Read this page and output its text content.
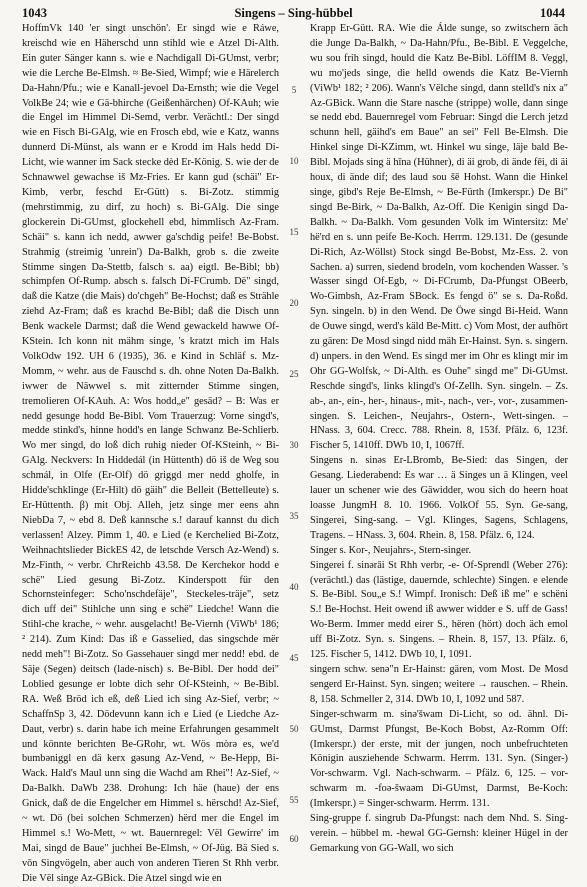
1043	Singens – Sing-hübbel	1044

HoffmVk 140 'er singt unschön'. Er singd wie e Ráwe, kreischd wie en Häherschd unn stihld wie e Atzel Di-Alth. Ein guter Sänger kann s. wie e Nachdigall Di-GUmst, verbr; wie die Lerche Be-Elmsh. ≈ Be-Sied, Wimpf; wie e Härelerch Da-Hahn/Pfu.; wie e Kanall-jevoel Da-Ernsth; wie die Vegel VolkBe 24; wie e Gä-bhirche (Geißenhärchen) Of-KAuh; wie die Engel im Himmel Di-Semd, verbr. Verächtl.: Der singd wie en Fisch Bi-GAlg, wie en Frosch ebd, wie e Katz, wanns dunnerd Di-Münst, als wann er e Krodd im Hals hedd Di-Licht, wie wanner im Sack stecke dèd Er-König. S. wie der de Schnawwel gewachse iš Mz-Fries. Er kann gud (schäi" Er-Kimb, verbr, feschd Er-Gütt) s. Bi-Zotz. stimmig (mehrstimmig, zu dirf, zu hoch) s. Bi-GAlg. Die singe glockerein Di-GUmst, glockehell ebd, himmlisch Az-Fram. Schäi" s. kann ich nedd, awwer ga'schdig peife! Be-Bobst. Strahmig (streimig 'unrein') Da-Balkh, grob s. die zweite Stimme singen Da-Stettb, falsch s. aa) eigtl. Be-Bibl; bb) schimpfen Of-Rump. absch s. falsch Di-FCrumb. Dë" singd, daß die Katze (die Mais) do'chgeh" Be-Hochst; daß es Strähle ziehd Az-Fram; daß es krachd Be-Bibl; daß die Disch unn Benk wackele Darmst; daß die Wend gewackeld hawwe Of-KStein. Ich konn nit mähm singe, 's kratzt mich im Hals VolkOdw 192. UH 6 (1935), 36. e Kind in Schläf s. Mz-Momm, ~ wehr. aus de Fauschd s. dh. ohne Noten Da-Balkh. iwwer de Näwwel s. mit zitternder Stimme singen, tremolieren Of-KAuh. A: Wos hodd„e" gesäd? – B: Was er nedd gesunge hodd Be-Bibl. Vom Trauerzug: Vorne singd's, medde stinkd's, hinne hodd's en lange Schwanz Be-Schlierb. Wo mer singd, do loß dich ruhig nieder Of-KSteinh, ~ Bi-GAlg. Neckvers: In Hiddedál (in Hüttenth) dö iš de Weg sou schmál, in Olfe (Er-Olf) dö griggd mer nedd gholfe, in Hidde'schklinge (Er-Hilt) dö gäih" die Belleit (Bettelleute) s. Er-Hüttenth. β) mit Obj. Alleh, jetz singe mer eens ahn NiebDa 7, ~ ebd 8. Deß kannsche s.! darauf kannst du dich verlassen! Alzey. Pimm 1, 40. e Lied (e Kerchelied Bi-Zotz, Weihnachtslieder BickES 42, de letschde Versch Az-Wend) s. Mz-Finth, ~ verbr. ChrReichb 43.58. De Kerchekor hodd e schë" Lied gesung Bi-Zotz. Kinderspott für den Schornsteinfeger: Scho'nschdefäje", Steckeles-träje", setz dich uff dei" Stihlche unn sing e schë" Liedche! Wann die Stihl-che krache, ~ wehr. ausgelacht! Be-Viernh (ViWb¹ 186; ² 214). Zum Kind: Das iß e Gasselied, das singschde mër nedd meh"! Bi-Zotz. So Gassehauer singd mer nedd! ebd. de Säje (Segen) deitsch (lade-nisch) s. Be-Bibl. Der hodd dei" Loblied gesunge er lobte dich sehr Of-KSteinh, ~ Be-Bibl. RA. Weß Bröd ich eß, deß Lied ich sing Az-Sief, verbr; ~ SchaffnSp 3, 42. Dödevunn kann ich e Lied (e Liedche Az-Daut, verbr) s. darin habe ich meine Erfahrungen gesammelt und könnte berichten Be-GRohr, wt. Wös mòrə es, we'd bumbəniggl en dä kerx gəsung Az-Vend, ~ Be-Hepp, Bi-Wack. Hald's Maul unn sing die Wachd am Rhei"! Az-Sief, ~ Da-Balkh. DaWb 238. Drohung: Ich häe (haue) der ens Gnick, daß de die Engelcher em Himmel s. hërschd! Az-Sief, ~ wt. Dö (bei solchen Schmerzen) hërd mer die Engel im Himmel s.! Wo-Mett, ~ wt. Bauernregel: Vël Gewirre' im Mai, singd de Baue" juchhei Be-Elmsh, ~ Of-Jüg. Bä Sied s. vōn Singvögeln, aber auch von anderen Tieren St Rhh verbr. Die Vël singe Az-GBick. Die Atzel singd wie en

5
10
15
20
25
30
35
40
45
50
55
60

Krapp Er-Gütt. RA. Wie die Álde sunge, so zwitschern äch die Junge Da-Balkh, ~ Da-Hahn/Pfu., Be-Bibl. E Veggelche, wu sou frih singd, hould die Katz Be-Bibl. LöffIM 8. Veggl, wu mo'jeds singe, die helld owends die Katz Be-Viernh (ViWb¹ 182; ² 206). Wann's Vëlche singd, dann stelld's nix a" Az-GBick. Wann die Stare nasche (strippe) wolle, dann singe se nedd ebd. Bauernregel vom Februar: Singd die Lerch jetzd schunn hell, gäihd's em Baue" an sei" Fell Be-Elmsh. Die Hinkel singe Di-KZimm, wt. Hinkel wu singe, läje bald Be-Bibl. Mojads sing ä hīna (Hühner), di äi grob, di ände fēi, di äi houx, di ände dif; des laud sou šē Hohst. Wann die Hinkel singe, gibd's Reje Be-Elmsh, ~ Be-Fürth (Imkerspr.) De Bi" singd Be-Birk, ~ Da-Balkh, Az-Off. Die Kenigin singd Da-Balkh. ~ Da-Balkh. Vom gesunden Volk im Wintersitz: Me' hë'rd en s. unn peife Be-Koch. Herrm. 129.131. De (gesunde Di-Rich, Az-Wöllst) Stock singd Be-Bobst, Mz-Ess. 2. von Sachen. a) surren, siedend brodeln, vom kochenden Wasser. 's Wasser singd Of-Egb, ~ Di-FCrumb, Da-Pfungst OBeerb, Wo-Gimbsh, Az-Fram SBock. Es fengd ö" se s. Da-Roßd. Syn. singeln. b) in den Wend. De Öwe singd Bi-Heid. Wann de Ouwe singd, werd's käld Be-Mitt. c) Vom Most, der aufhört zu gären: De Mosd singd nidd mäh Er-Hainst. Syn. s. singern. d) unpers. in den Wend. Es singd mer im Ohr es klingt mir im Ohr GG-Wolfsk, ~ Di-Alth. es Ouhe" singd me" Di-GUmst. Reschde singd's, links klingd's Of-Zellh. Syn. singeln. – Zs. ab-, an-, ein-, her-, hinaus-, mit-, nach-, ver-, vor-, zusammen-singen. S. Leichen-, Neujahrs-, Ostern-, Wett-singen. – HNass. 3, 604. Crecc. 788. Rhein. 8, 153f. Pfälz. 6, 123f. Fischer 5, 1410ff. DWb 10, I, 1067ff.

Singens n. sinəs Er-LBromb, Be-Sied: das Singen, der Gesang. Liederabend: Es war … ä Singes un ä Klingen, veel lauer un schener wie des Gäwidder, wou sich do heern hoat loasse JungmH 8. 10. 1966. VolkOf 55. Syn. Ge-sang, Singerei, Sing-sang. – Vgl. Klinges, Sagens, Schlagens, Tragens. – HNass. 3, 604. Rhein. 8, 158. Pfälz. 6, 124.

Singer s. Kor-, Neujahrs-, Stern-singer.

Singerei f. sinərāi St Rhh verbr, -e- Of-Sprendl (Weber 276): (verächtl.) das (lästige, dauernde, schlechte) Singen. e elende S. Be-Bibl. Sou„e S.! Wimpf. Ironisch: Deß iß me" e schëni S.! Be-Hochst. Heit owend iß awwer widder e S. uff de Gass! Wo-Berm. Immer medd eirer S., hëren (hört) doch äch emol uff Bi-Zotz. Syn. s. Singens. – Rhein. 8, 157, 13. Pfälz. 6, 125. Fischer 5, 1412. DWb 10, I, 1091.

singern schw. senə"n Er-Hainst: gären, vom Most. De Mosd sengerd Er-Hainst. Syn. singen; weitere → rauschen. – Rhein. 8, 158. Schmeller 2, 314. DWb 10, I, 1092 und 587.

Singer-schwarm m. sinə'šwam Di-Licht, so od. ähnl. Di-GUmst, Darmst Pfungst, Be-Koch Bobst, Az-Romm Off: (Imkerspr.) der erste, mit der jungen, noch unbefruchteten Königin ausziehende Schwarm. Herrm. 131. Syn. (Singer-) Vor-schwarm. Vgl. Nach-schwarm. – Pfälz. 6, 125. – vor-schwarm m. -foə-šwaəm Di-GUmst, Darmst, Be-Koch: (Imkerspr.) = Singer-schwarm. Herrm. 131.

Sing-gruppe f. singrub Da-Pfungst: nach dem Nhd. S. Sing-verein. – hübbel m. -hewəl GG-Gernsh: kleiner Hügel in der Gemarkung von GG-Wall, wo sich
